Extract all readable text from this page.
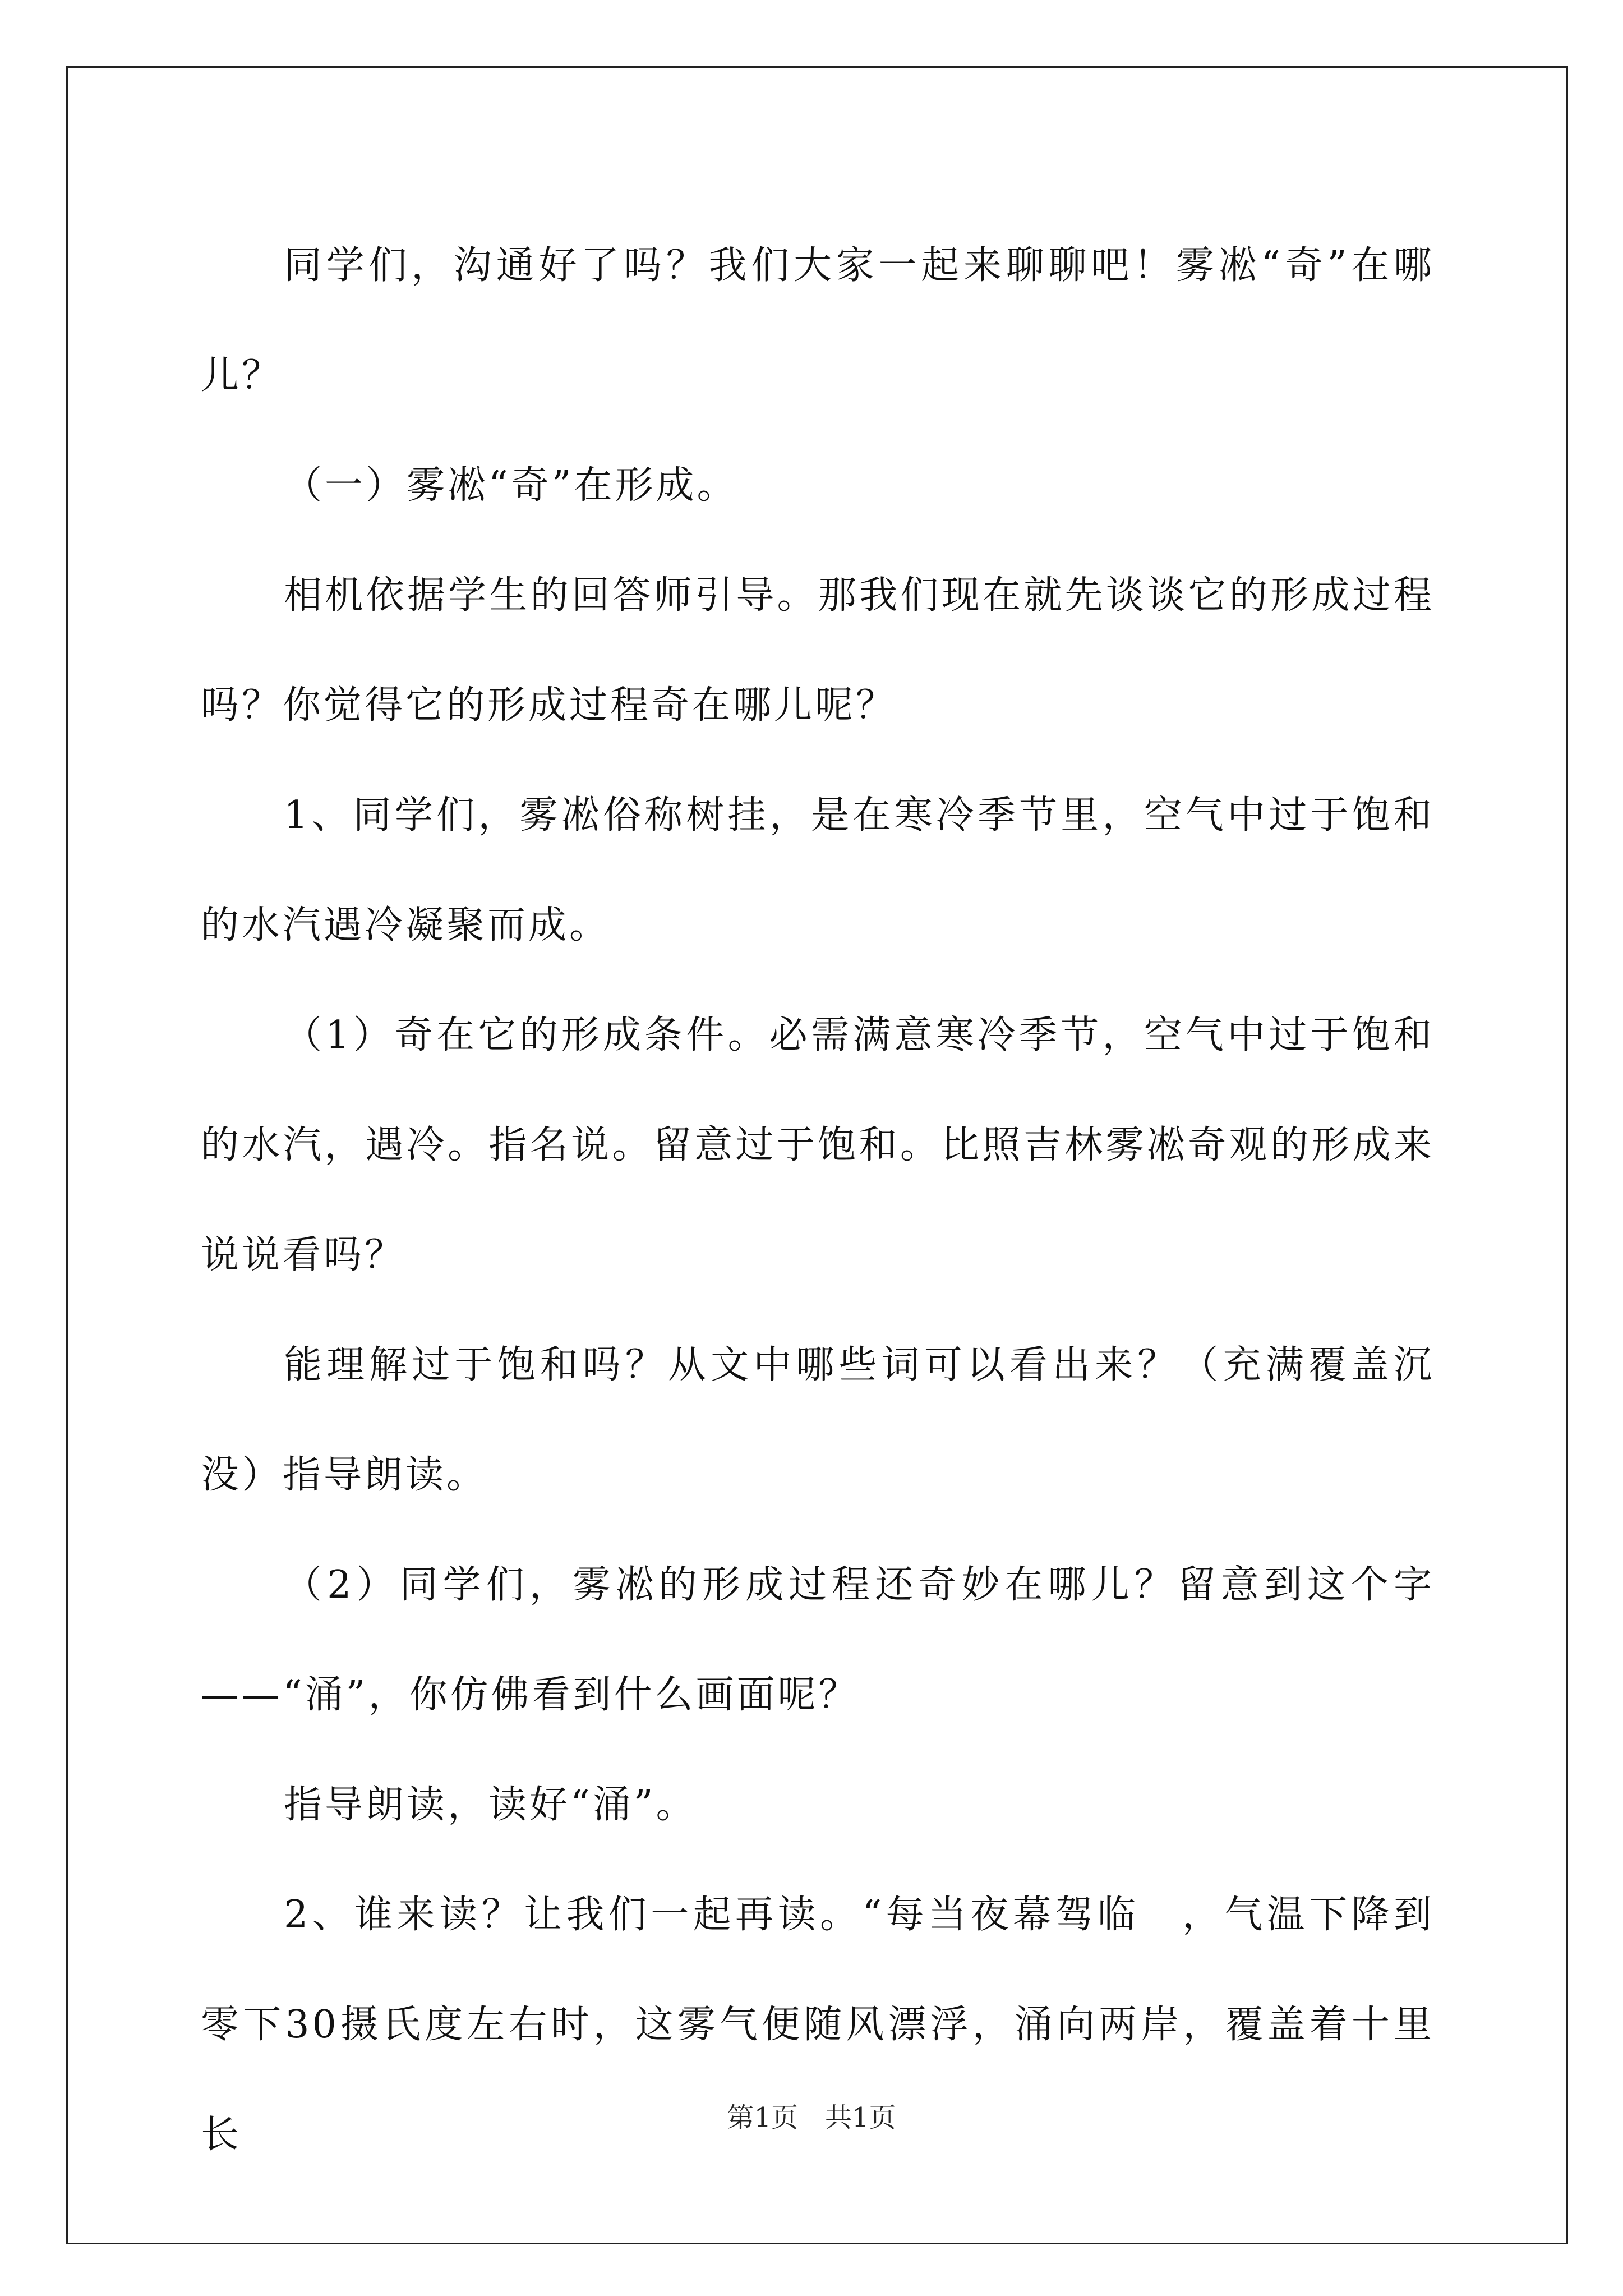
同学们，沟通好了吗？我们大家一起来聊聊吧！雾凇“奇”在哪儿？

（一）雾凇“奇”在形成。

相机依据学生的回答师引导。那我们现在就先谈谈它的形成过程吗？你觉得它的形成过程奇在哪儿呢？

1、同学们，雾凇俗称树挂，是在寒冷季节里，空气中过于饱和的水汽遇冷凝聚而成。

（1）奇在它的形成条件。必需满意寒冷季节，空气中过于饱和的水汽，遇冷。指名说。留意过于饱和。比照吉林雾凇奇观的形成来说说看吗？

能理解过于饱和吗？从文中哪些词可以看出来？（充满覆盖沉没）指导朗读。

（2）同学们，雾凇的形成过程还奇妙在哪儿？留意到这个字——“涌”，你仿佛看到什么画面呢？

指导朗读，读好“涌”。

2、谁来读？让我们一起再读。“每当夜幕驾临　，气温下降到零下30摄氏度左右时，这雾气便随风漂浮，涌向两岸，覆盖着十里长	第1页　共1页
